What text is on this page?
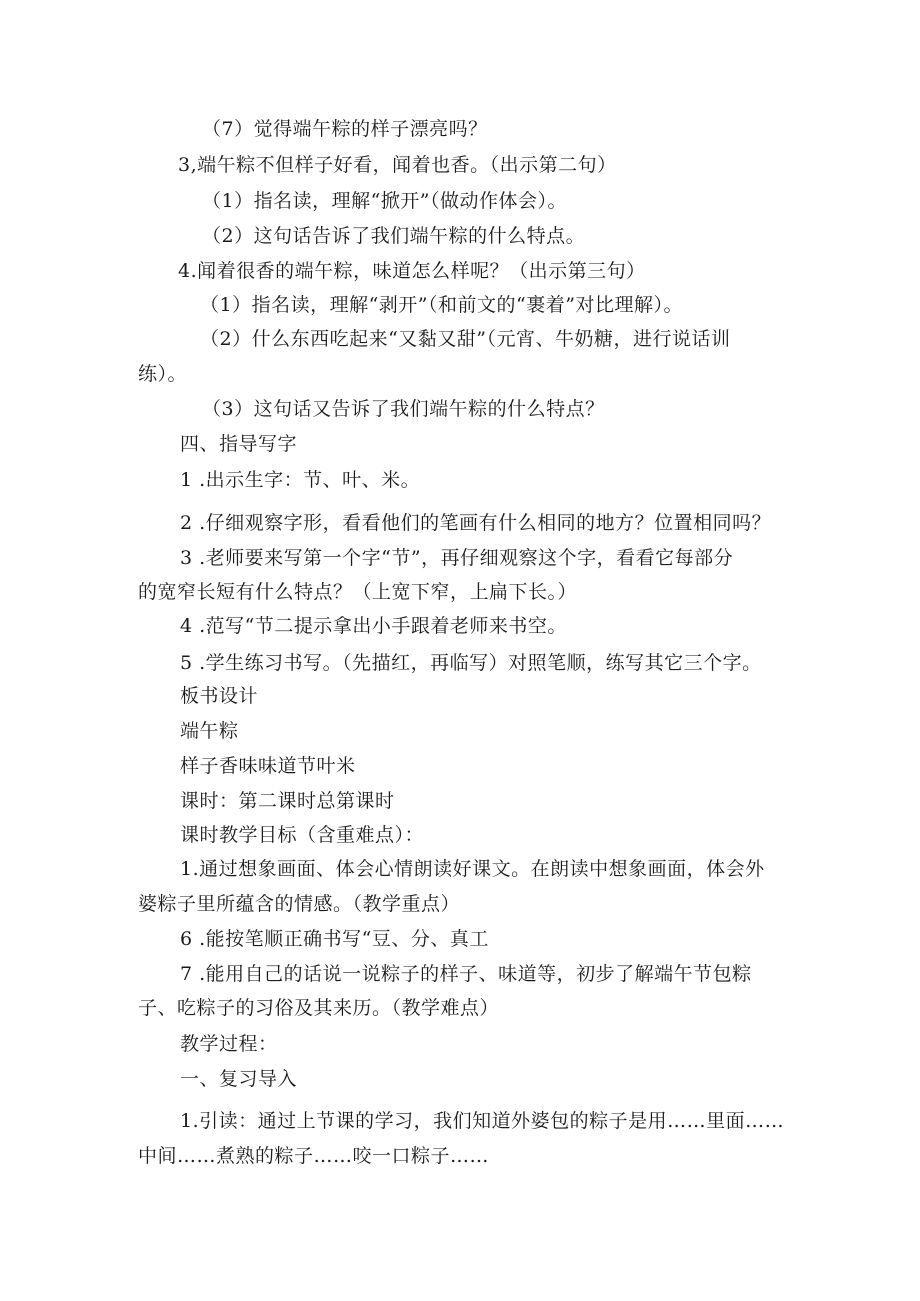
（7）觉得端午粽的样子漂亮吗？
3,端午粽不但样子好看，闻着也香。（出示第二句）
（1）指名读，理解“掀开”（做动作体会）。
（2）这句话告诉了我们端午粽的什么特点。
4.闻着很香的端午粽，味道怎么样呢？（出示第三句）
（1）指名读，理解“剥开”（和前文的“裹着”对比理解）。
（2）什么东西吃起来“又黏又甜”（元宵、牛奶糖，进行说话训
练）。
（3）这句话又告诉了我们端午粽的什么特点？
四、指导写字
1 .出示生字：节、叶、米。
2 .仔细观察字形，看看他们的笔画有什么相同的地方？位置相同吗？
3 .老师要来写第一个字“节”，再仔细观察这个字，看看它每部分
的宽窄长短有什么特点？（上宽下窄，上扁下长。）
4 .范写“节二提示拿出小手跟着老师来书空。
5 .学生练习书写。（先描红，再临写）对照笔顺，练写其它三个字。
板书设计
端午粽
样子香味味道节叶米
课时：第二课时总第课时
课时教学目标（含重难点）：
1.通过想象画面、体会心情朗读好课文。在朗读中想象画面，体会外
婆粽子里所蕴含的情感。（教学重点）
6 .能按笔顺正确书写“豆、分、真工
7 .能用自己的话说一说粽子的样子、味道等，初步了解端午节包粽
子、吃粽子的习俗及其来历。（教学难点）
教学过程：
一、复习导入
1.引读：通过上节课的学习，我们知道外婆包的粽子是用……里面……
中间……煮熟的粽子……咬一口粽子……
